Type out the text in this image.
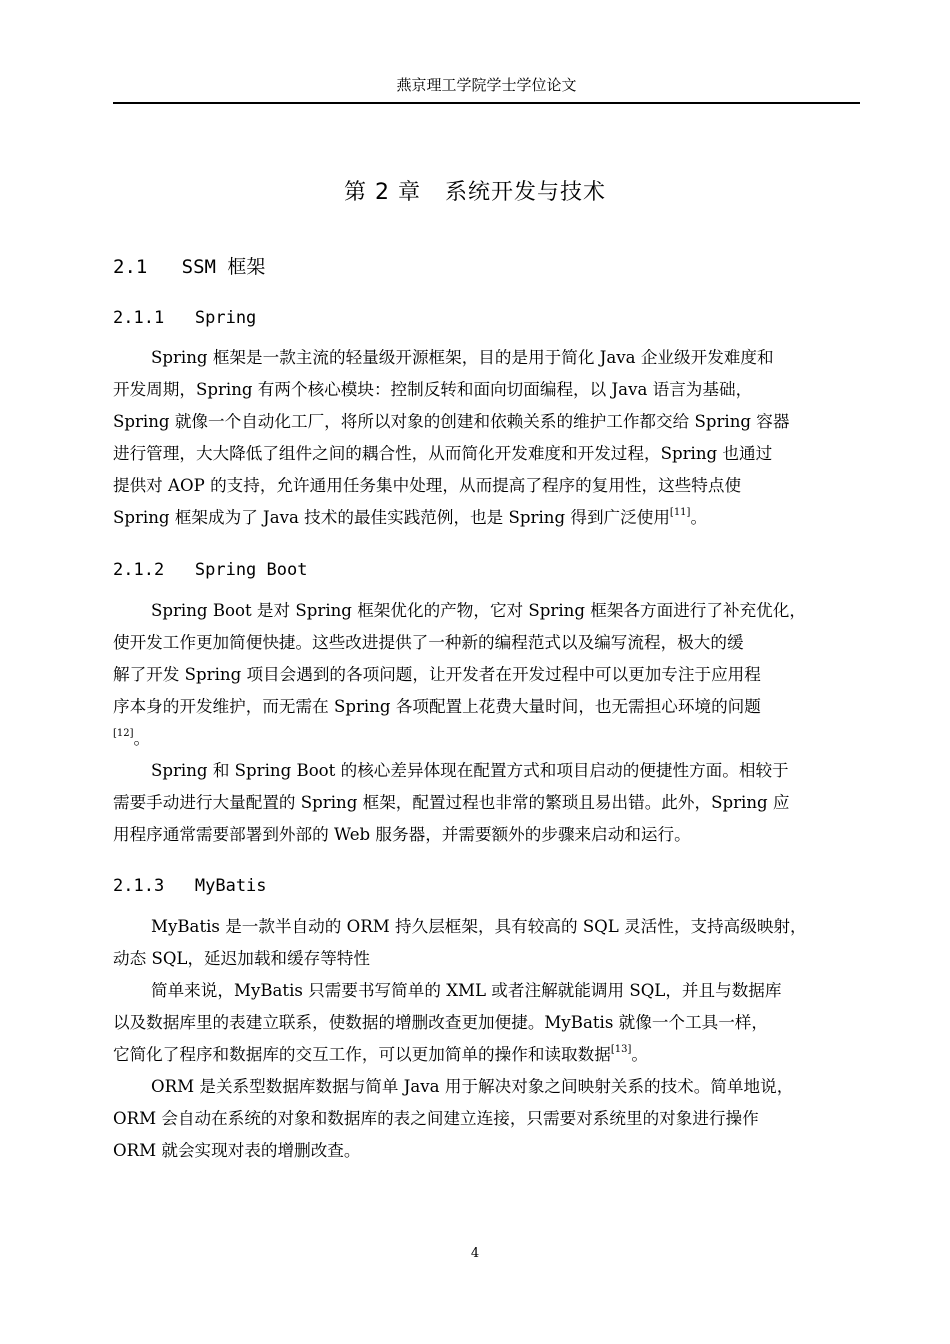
燕京理工学院学士学位论文
第 2 章   系统开发与技术
2.1   SSM 框架
2.1.1   Spring
Spring 框架是一款主流的轻量级开源框架，目的是用于简化 Java 企业级开发难度和
开发周期，Spring 有两个核心模块：控制反转和面向切面编程，以 Java 语言为基础，
Spring 就像一个自动化工厂，将所以对象的创建和依赖关系的维护工作都交给 Spring 容器
进行管理，大大降低了组件之间的耦合性，从而简化开发难度和开发过程，Spring 也通过
提供对 AOP 的支持，允许通用任务集中处理，从而提高了程序的复用性，这些特点使
Spring 框架成为了 Java 技术的最佳实践范例，也是 Spring 得到广泛使用[11]。
2.1.2   Spring Boot
Spring Boot 是对 Spring 框架优化的产物，它对 Spring 框架各方面进行了补充优化，
使开发工作更加简便快捷。这些改进提供了一种新的编程范式以及编写流程，极大的缓
解了开发 Spring 项目会遇到的各项问题，让开发者在开发过程中可以更加专注于应用程
序本身的开发维护，而无需在 Spring 各项配置上花费大量时间，也无需担心环境的问题
[12]。
Spring 和 Spring Boot 的核心差异体现在配置方式和项目启动的便捷性方面。相较于
需要手动进行大量配置的 Spring 框架，配置过程也非常的繁琐且易出错。此外，Spring 应
用程序通常需要部署到外部的 Web 服务器，并需要额外的步骤来启动和运行。
2.1.3   MyBatis
MyBatis 是一款半自动的 ORM 持久层框架，具有较高的 SQL 灵活性，支持高级映射，
动态 SQL，延迟加载和缓存等特性
简单来说，MyBatis 只需要书写简单的 XML 或者注解就能调用 SQL，并且与数据库
以及数据库里的表建立联系，使数据的增删改查更加便捷。MyBatis 就像一个工具一样，
它简化了程序和数据库的交互工作，可以更加简单的操作和读取数据[13]。
ORM 是关系型数据库数据与简单 Java 用于解决对象之间映射关系的技术。简单地说，
ORM 会自动在系统的对象和数据库的表之间建立连接，只需要对系统里的对象进行操作
ORM 就会实现对表的增删改查。
4
